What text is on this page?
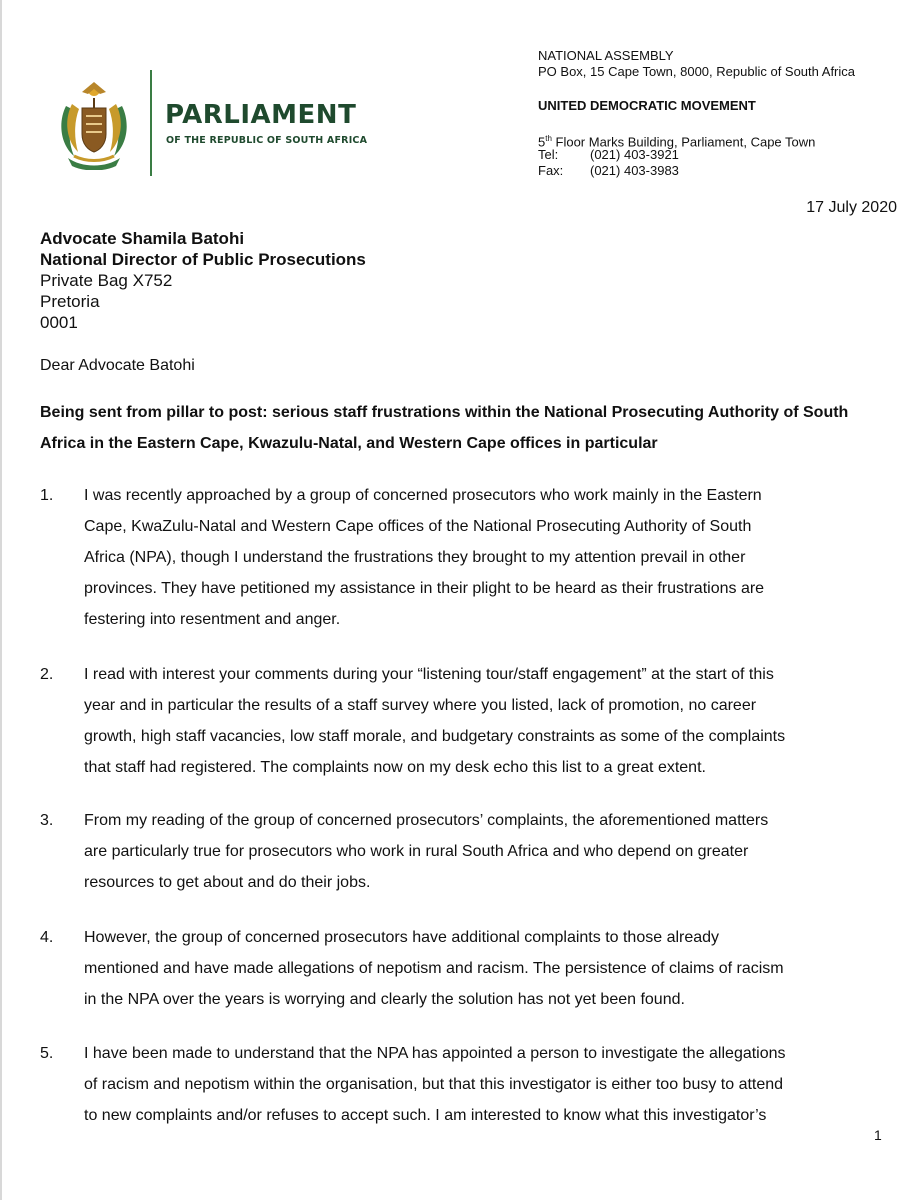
PARLIAMENT
OF THE REPUBLIC OF SOUTH AFRICA
NATIONAL ASSEMBLY
PO Box, 15 Cape Town, 8000, Republic of South Africa
UNITED DEMOCRATIC MOVEMENT
5th Floor Marks Building, Parliament, Cape Town
Tel: (021) 403-3921
Fax: (021) 403-3983
17 July 2020
Advocate Shamila Batohi
National Director of Public Prosecutions
Private Bag X752
Pretoria
0001
Dear Advocate Batohi
Being sent from pillar to post: serious staff frustrations within the National Prosecuting Authority of South Africa in the Eastern Cape, Kwazulu-Natal, and Western Cape offices in particular
1. I was recently approached by a group of concerned prosecutors who work mainly in the Eastern
Cape, KwaZulu-Natal and Western Cape offices of the National Prosecuting Authority of South
Africa (NPA), though I understand the frustrations they brought to my attention prevail in other
provinces. They have petitioned my assistance in their plight to be heard as their frustrations are
festering into resentment and anger.
2. I read with interest your comments during your “listening tour/staff engagement” at the start of this
year and in particular the results of a staff survey where you listed, lack of promotion, no career
growth, high staff vacancies, low staff morale, and budgetary constraints as some of the complaints
that staff had registered. The complaints now on my desk echo this list to a great extent.
3. From my reading of the group of concerned prosecutors’ complaints, the aforementioned matters
are particularly true for prosecutors who work in rural South Africa and who depend on greater
resources to get about and do their jobs.
4. However, the group of concerned prosecutors have additional complaints to those already
mentioned and have made allegations of nepotism and racism. The persistence of claims of racism
in the NPA over the years is worrying and clearly the solution has not yet been found.
5. I have been made to understand that the NPA has appointed a person to investigate the allegations
of racism and nepotism within the organisation, but that this investigator is either too busy to attend
to new complaints and/or refuses to accept such. I am interested to know what this investigator’s
1
